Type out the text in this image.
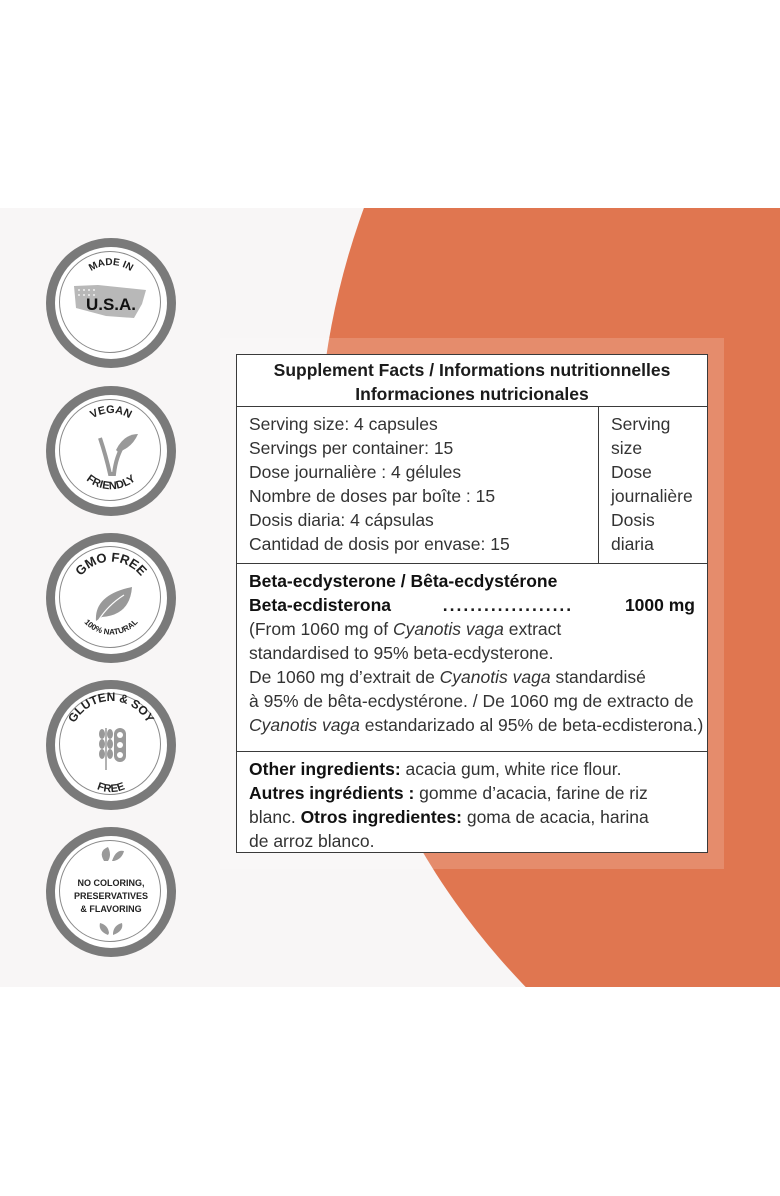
MADE IN
U.S.A.
VEGAN
FRIENDLY
GMO FREE
100% NATURAL
GLUTEN & SOY
FREE
NO COLORING,
PRESERVATIVES
& FLAVORING
Supplement Facts / Informations nutritionnelles
Informaciones nutricionales
Serving size: 4 capsules
Servings per container: 15
Dose journalière : 4 gélules
Nombre de doses par boîte : 15
Dosis diaria: 4 cápsulas
Cantidad de dosis por envase: 15
Serving
size
Dose
journalière
Dosis
diaria
Beta-ecdysterone / Bêta-ecdystérone
Beta-ecdisterona	...................	1000 mg
(From 1060 mg of Cyanotis vaga extract
standardised to 95% beta-ecdysterone.
De 1060 mg d’extrait de Cyanotis vaga standardisé
à 95% de bêta-ecdystérone. / De 1060 mg de extracto de
Cyanotis vaga estandarizado al 95% de beta-ecdisterona.)
Other ingredients: acacia gum, white rice flour.
Autres ingrédients : gomme d’acacia, farine de riz
blanc. Otros ingredientes: goma de acacia, harina
de arroz blanco.
